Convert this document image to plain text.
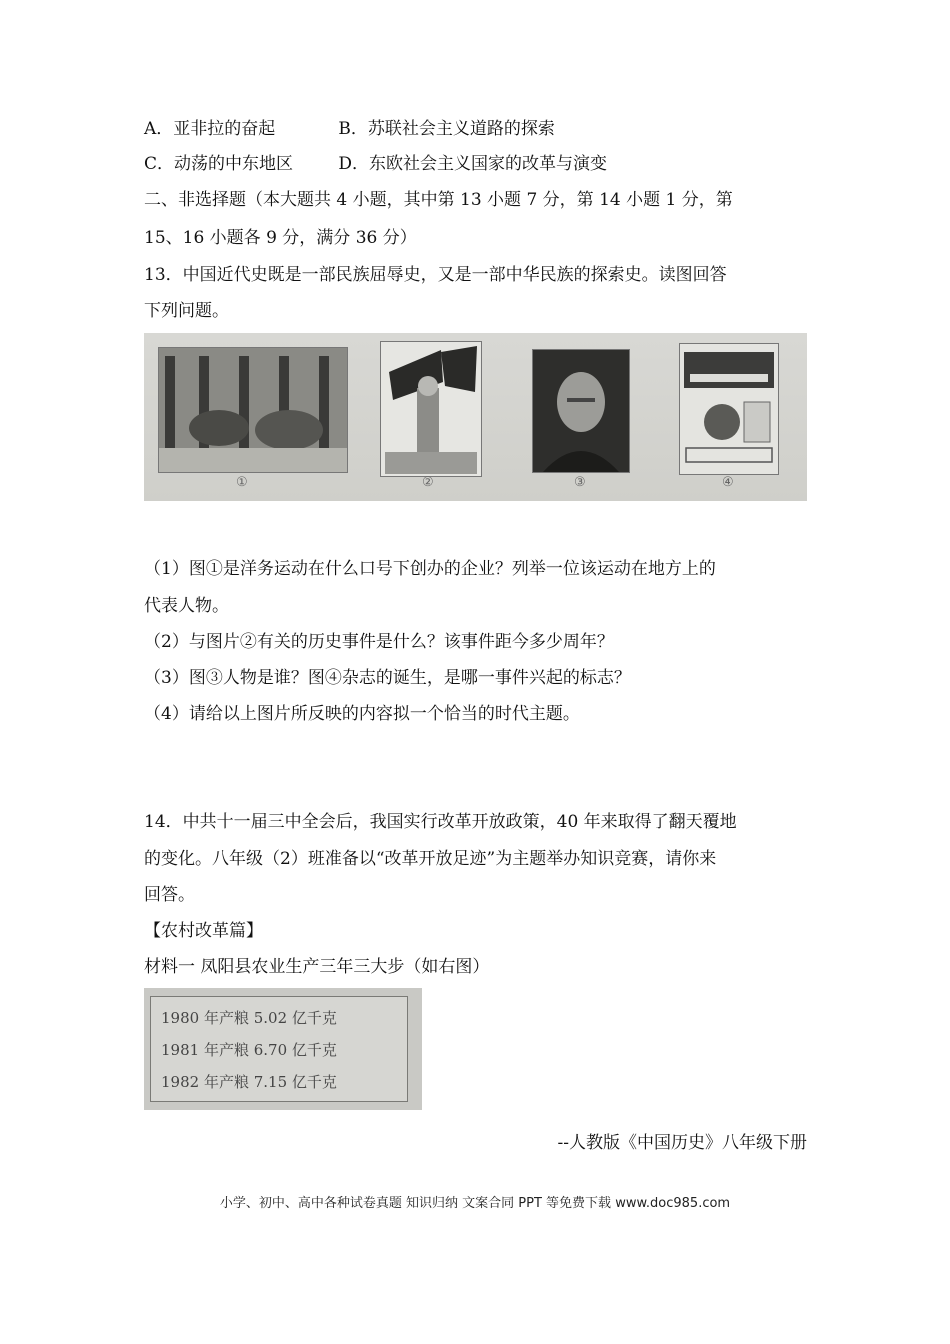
A．亚非拉的奋起	B．苏联社会主义道路的探索
C．动荡的中东地区	D．东欧社会主义国家的改革与演变
二、非选择题（本大题共 4 小题，其中第 13 小题 7 分，第 14 小题 1 分，第
15、16 小题各 9 分，满分 36 分）
13．中国近代史既是一部民族屈辱史，又是一部中华民族的探索史。读图回答
下列问题。
①	②	③	④
（1）图①是洋务运动在什么口号下创办的企业？列举一位该运动在地方上的
代表人物。
（2）与图片②有关的历史事件是什么？该事件距今多少周年？
（3）图③人物是谁？图④杂志的诞生，是哪一事件兴起的标志？
（4）请给以上图片所反映的内容拟一个恰当的时代主题。
14．中共十一届三中全会后，我国实行改革开放政策，40 年来取得了翻天覆地
的变化。八年级（2）班准备以“改革开放足迹”为主题举办知识竞赛，请你来
回答。
【农村改革篇】
材料一 凤阳县农业生产三年三大步（如右图）
1980 年产粮 5.02 亿千克
1981 年产粮 6.70 亿千克
1982 年产粮 7.15 亿千克
--人教版《中国历史》八年级下册
小学、初中、高中各种试卷真题 知识归纳 文案合同 PPT 等免费下载 www.doc985.com
